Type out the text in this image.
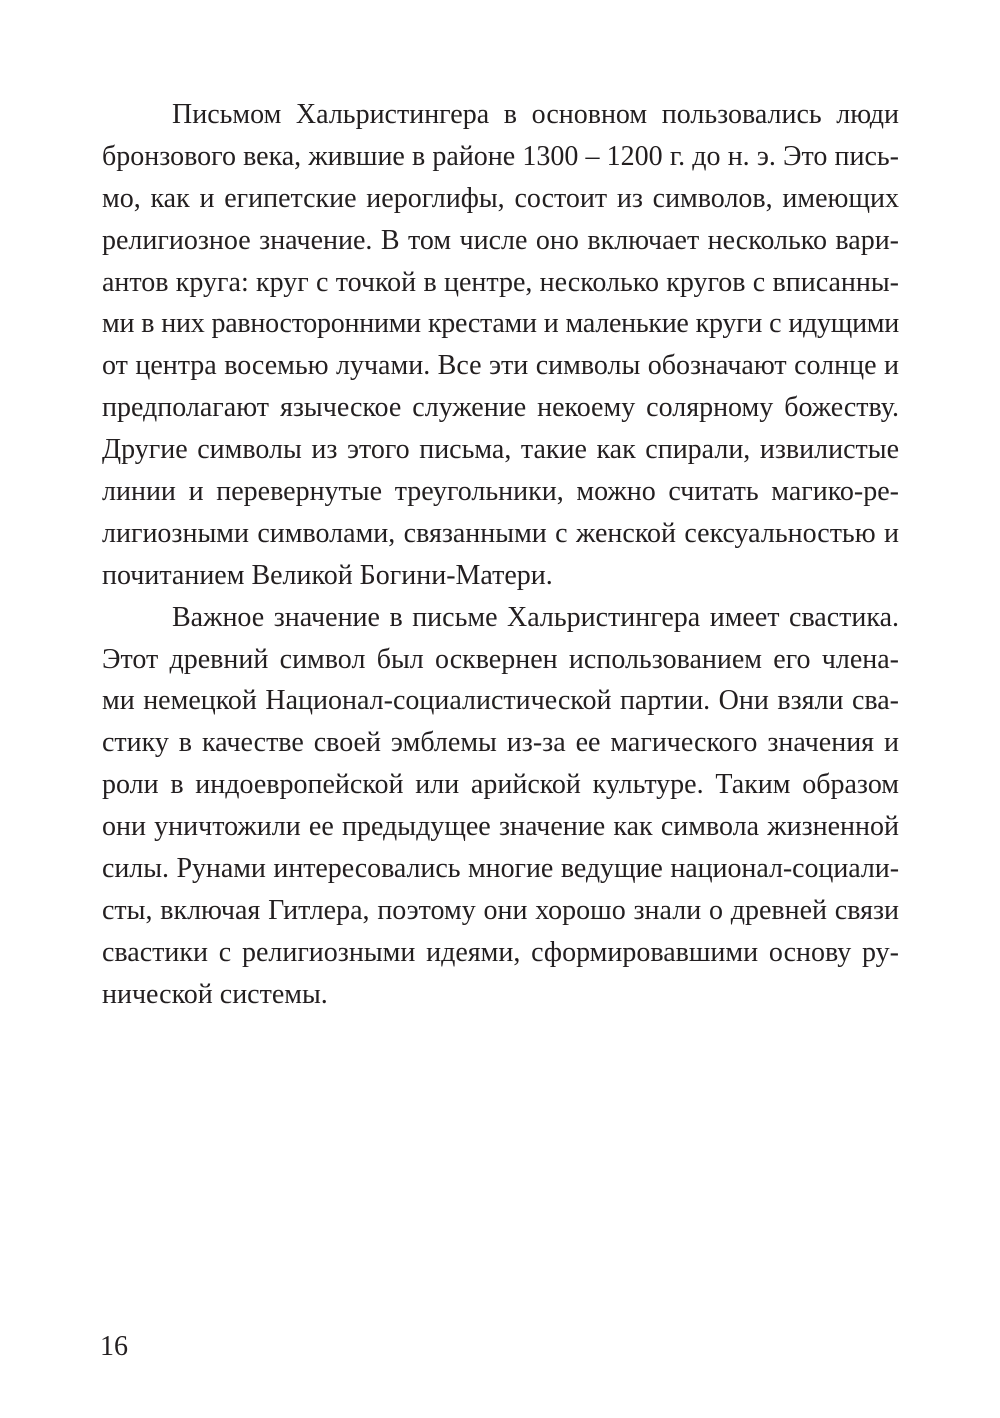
Письмом Хальристингера в основном пользовались люди
бронзового века, жившие в районе 1300 – 1200 г. до н. э. Это пись-
мо, как и египетские иероглифы, состоит из символов, имеющих
религиозное значение. В том числе оно включает несколько вари-
антов круга: круг с точкой в центре, несколько кругов с вписанны-
ми в них равносторонними крестами и маленькие круги с идущими
от центра восемью лучами. Все эти символы обозначают солнце и
предполагают языческое служение некоему солярному божеству.
Другие символы из этого письма, такие как спирали, извилистые
линии и перевернутые треугольники, можно считать магико-ре-
лигиозными символами, связанными с женской сексуальностью и
почитанием Великой Богини-Матери.
Важное значение в письме Хальристингера имеет свастика.
Этот древний символ был осквернен использованием его члена-
ми немецкой Национал-социалистической партии. Они взяли сва-
стику в качестве своей эмблемы из-за ее магического значения и
роли в индоевропейской или арийской культуре. Таким образом
они уничтожили ее предыдущее значение как символа жизненной
силы. Рунами интересовались многие ведущие национал-социали-
сты, включая Гитлера, поэтому они хорошо знали о древней связи
свастики с религиозными идеями, сформировавшими основу ру-
нической системы.
16
